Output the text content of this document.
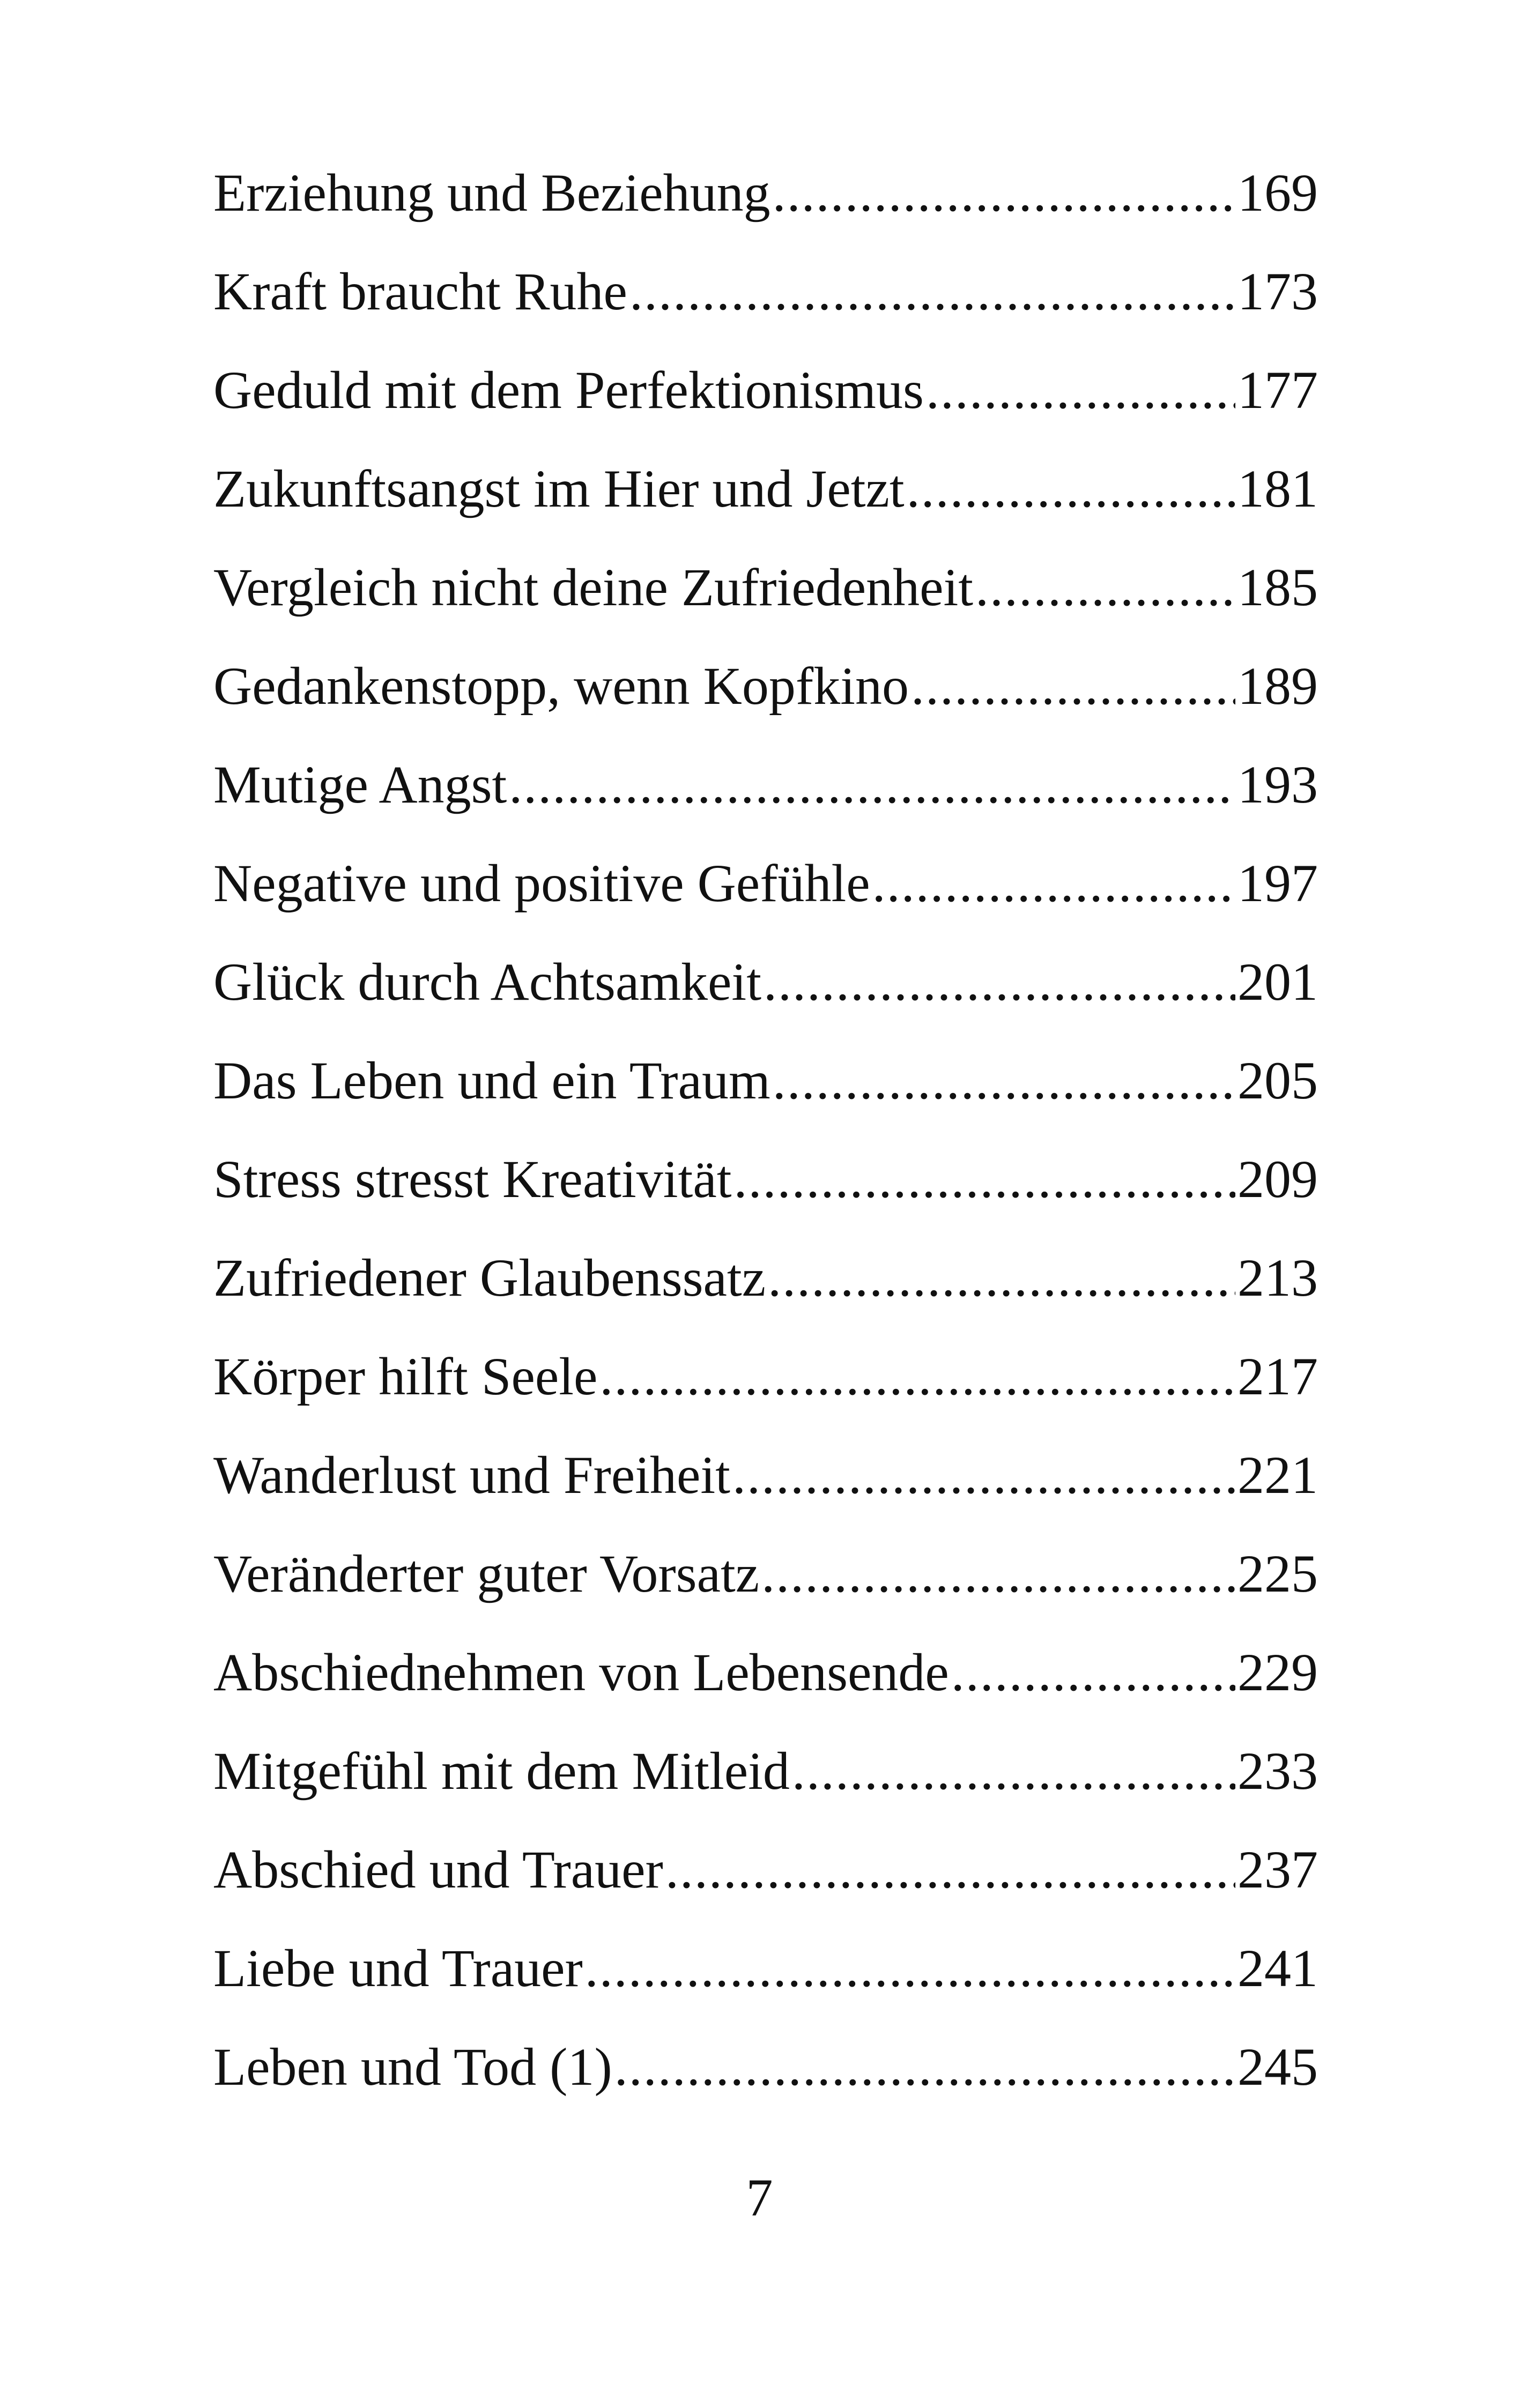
Erziehung und Beziehung .....	169
Kraft braucht Ruhe .....	173
Geduld mit dem Perfektionismus .....	177
Zukunftsangst im Hier und Jetzt .....	181
Vergleich nicht deine Zufriedenheit .....	185
Gedankenstopp, wenn Kopfkino .....	189
Mutige Angst .....	193
Negative und positive Gefühle .....	197
Glück durch Achtsamkeit .....	201
Das Leben und ein Traum .....	205
Stress stresst Kreativität .....	209
Zufriedener Glaubenssatz .....	213
Körper hilft Seele .....	217
Wanderlust und Freiheit .....	221
Veränderter guter Vorsatz .....	225
Abschiednehmen von Lebensende .....	229
Mitgefühl mit dem Mitleid .....	233
Abschied und Trauer .....	237
Liebe und Trauer .....	241
Leben und Tod (1) .....	245
7
